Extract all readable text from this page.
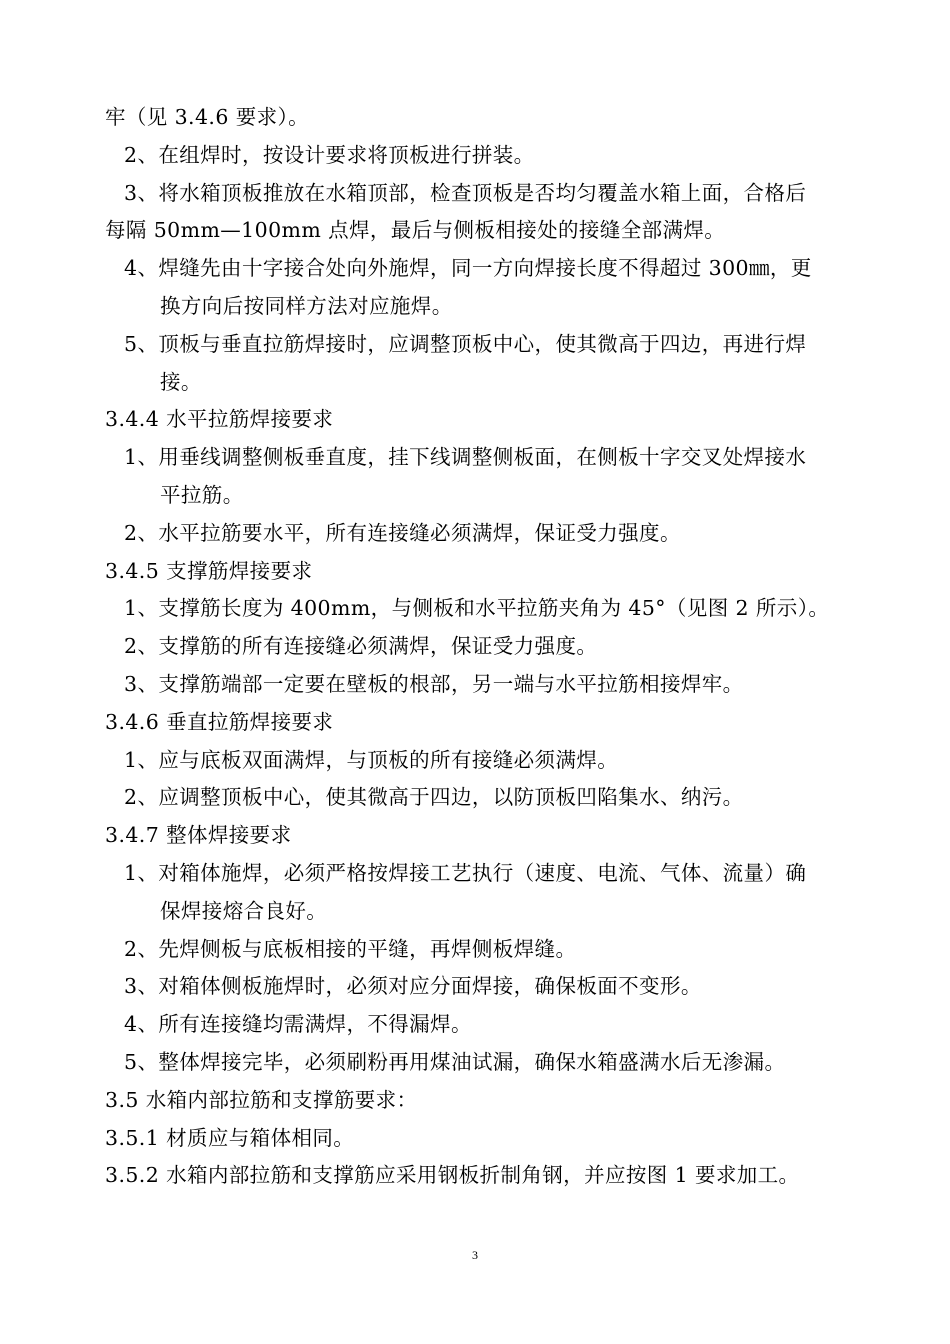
牢（见 3.4.6 要求）。
2、在组焊时，按设计要求将顶板进行拼装。
3、将水箱顶板推放在水箱顶部，检查顶板是否均匀覆盖水箱上面，合格后
每隔 50mm—100mm 点焊，最后与侧板相接处的接缝全部满焊。
4、焊缝先由十字接合处向外施焊，同一方向焊接长度不得超过 300㎜，更
换方向后按同样方法对应施焊。
5、顶板与垂直拉筋焊接时，应调整顶板中心，使其微高于四边，再进行焊
接。
3.4.4 水平拉筋焊接要求
1、用垂线调整侧板垂直度，挂下线调整侧板面，在侧板十字交叉处焊接水
平拉筋。
2、水平拉筋要水平，所有连接缝必须满焊，保证受力强度。
3.4.5 支撑筋焊接要求
1、支撑筋长度为 400mm，与侧板和水平拉筋夹角为 45°（见图 2 所示）。
2、支撑筋的所有连接缝必须满焊，保证受力强度。
3、支撑筋端部一定要在壁板的根部，另一端与水平拉筋相接焊牢。
3.4.6 垂直拉筋焊接要求
1、应与底板双面满焊，与顶板的所有接缝必须满焊。
2、应调整顶板中心，使其微高于四边，以防顶板凹陷集水、纳污。
3.4.7 整体焊接要求
1、对箱体施焊，必须严格按焊接工艺执行（速度、电流、气体、流量）确
保焊接熔合良好。
2、先焊侧板与底板相接的平缝，再焊侧板焊缝。
3、对箱体侧板施焊时，必须对应分面焊接，确保板面不变形。
4、所有连接缝均需满焊，不得漏焊。
5、整体焊接完毕，必须刷粉再用煤油试漏，确保水箱盛满水后无渗漏。
3.5 水箱内部拉筋和支撑筋要求：
3.5.1 材质应与箱体相同。
3.5.2 水箱内部拉筋和支撑筋应采用钢板折制角钢，并应按图 1 要求加工。
3
